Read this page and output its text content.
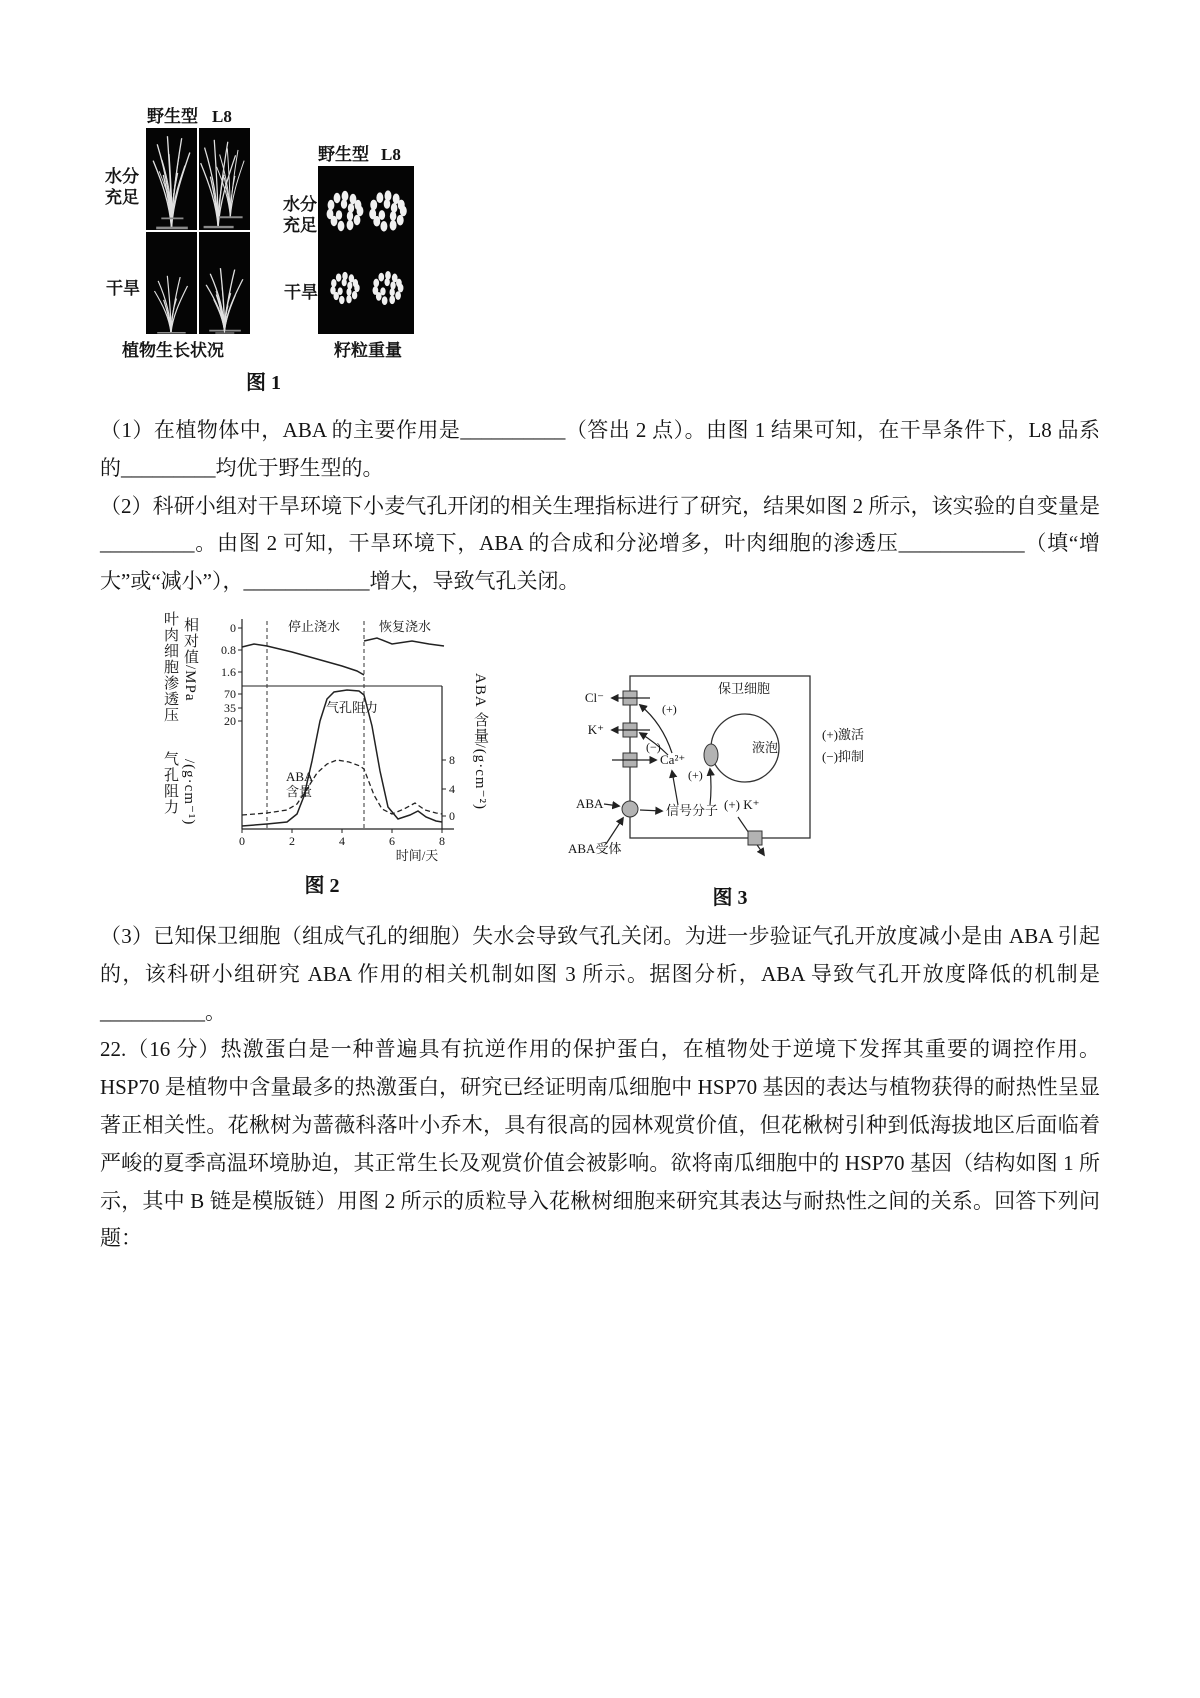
野生型 L8
水分充足
干旱
植物生长状况
野生型 L8
水分充足
干旱
籽粒重量
图 1

（1）在植物体中，ABA 的主要作用是__________（答出 2 点）。由图 1 结果可知，在干旱条件下，L8 品系的_________均优于野生型的。

（2）科研小组对干旱环境下小麦气孔开闭的相关生理指标进行了研究，结果如图 2 所示，该实验的自变量是_________。由图 2 可知，干旱环境下，ABA 的合成和分泌增多，叶肉细胞的渗透压____________（填“增大”或“减小”），____________增大，导致气孔关闭。

叶肉细胞渗透压 相对值/MPa
气孔阻力 /(g·cm⁻¹)	ABA 含量/(g·cm⁻²)
0
0.8
1.6
70
35
20
8
4
0
0	2	4	6	8
时间/天
停止浇水	恢复浇水
气孔阻力
ABA
含量
图 2
保卫细胞
Cl⁻
K⁺
Ca²⁺
(+)
(−)	液泡
(+)
ABA
ABA受体
信号分子 (+) K⁺
(+)激活
(−)抑制
图 3

（3）已知保卫细胞（组成气孔的细胞）失水会导致气孔关闭。为进一步验证气孔开放度减小是由 ABA 引起的，该科研小组研究 ABA 作用的相关机制如图 3 所示。据图分析，ABA 导致气孔开放度降低的机制是__________。

22.（16 分）热激蛋白是一种普遍具有抗逆作用的保护蛋白，在植物处于逆境下发挥其重要的调控作用。HSP70 是植物中含量最多的热激蛋白，研究已经证明南瓜细胞中 HSP70 基因的表达与植物获得的耐热性呈显著正相关性。花楸树为蔷薇科落叶小乔木，具有很高的园林观赏价值，但花楸树引种到低海拔地区后面临着严峻的夏季高温环境胁迫，其正常生长及观赏价值会被影响。欲将南瓜细胞中的 HSP70 基因（结构如图 1 所示，其中 B 链是模版链）用图 2 所示的质粒导入花楸树细胞来研究其表达与耐热性之间的关系。回答下列问题：
